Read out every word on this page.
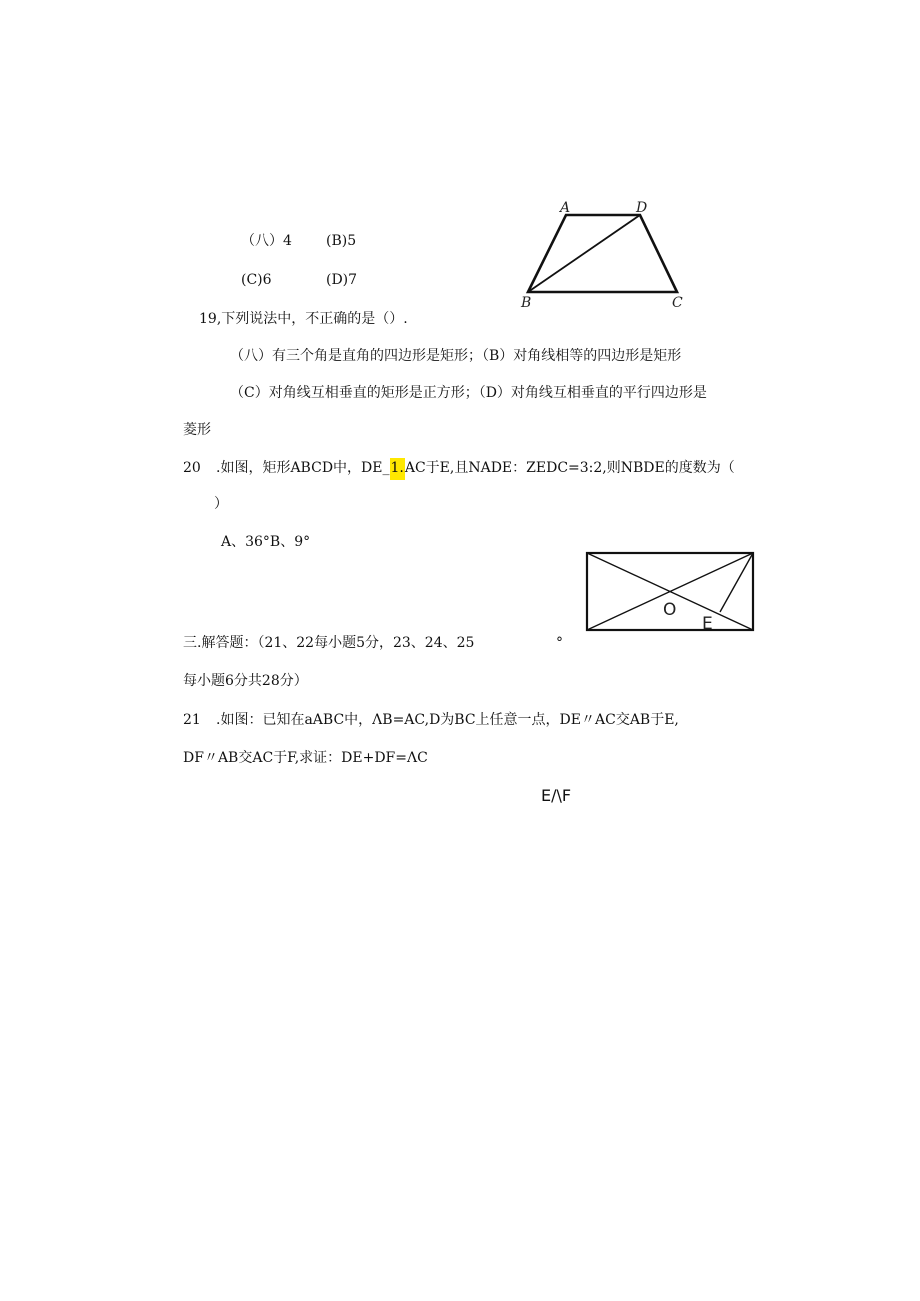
（八）4 (B)5
(C)6	(D)7
A	D
B	C
19,下列说法中，不正确的是（）.
（八）有三个角是直角的四边形是矩形；（B）对角线相等的四边形是矩形
（C）对角线互相垂直的矩形是正方形；（D）对角线互相垂直的平行四边形是
菱形
20 .如图，矩形ABCD中，DE_1.AC于E,且NADE：ZEDC=3:2,则NBDE的度数为（
）
A、36°B、9°
O
E
三.解答题：（21、22每小题5分，23、24、25	°
每小题6分共28分）
21 .如图：已知在aABC中，ΛB=AC,D为BC上任意一点，DE〃AC交AB于E,
DF〃AB交AC于F,求证：DE+DF=ΛC
E∕\F
